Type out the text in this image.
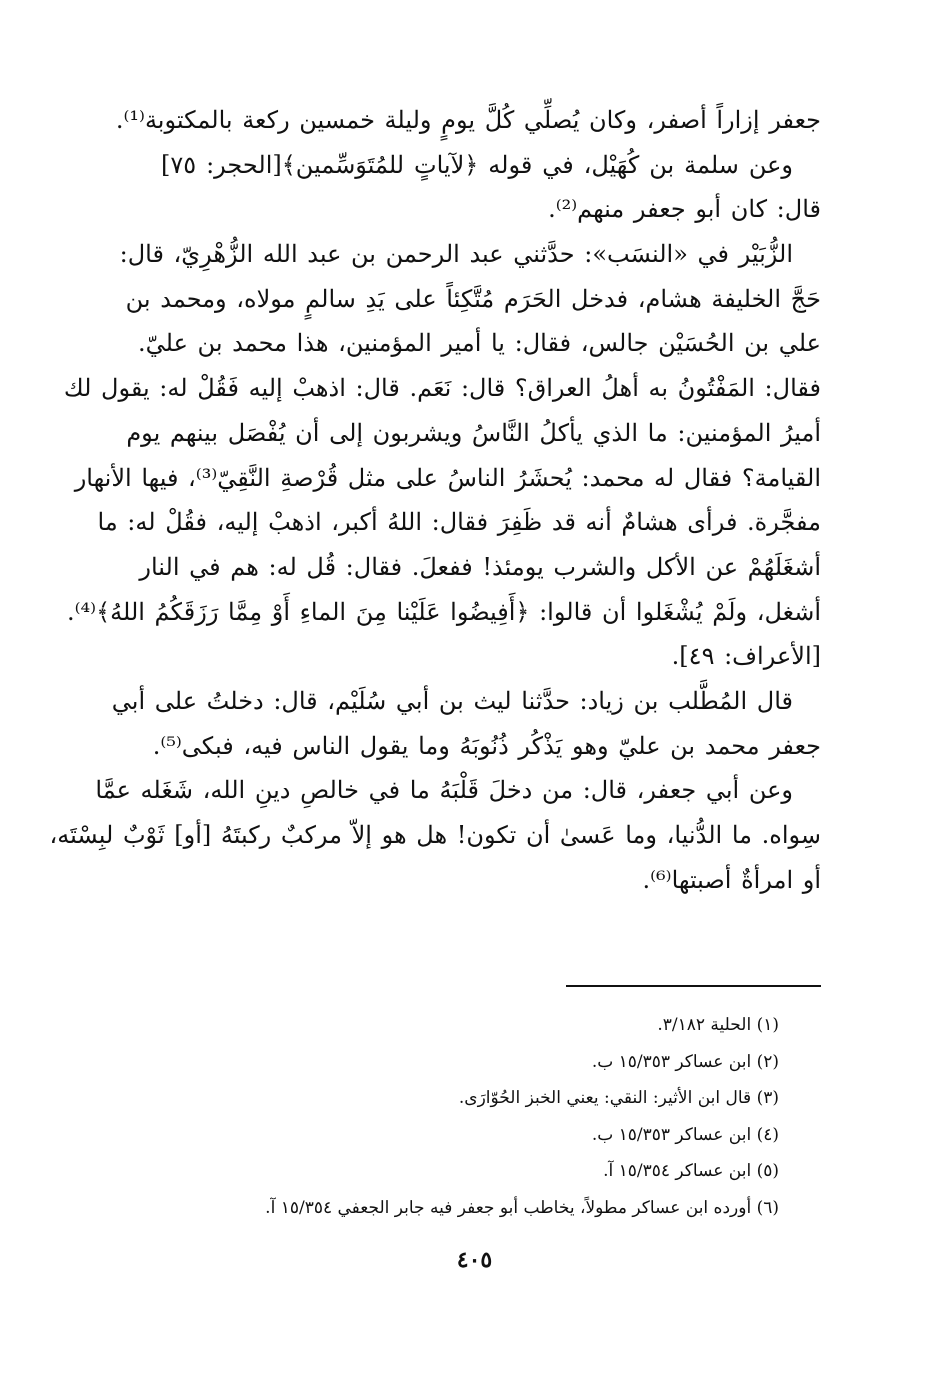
جعفر إزاراً أصفر، وكان يُصلِّي كُلَّ يومٍ وليلة خمسين ركعة بالمكتوبة⁽¹⁾.
وعن سلمة بن كُهَيْل، في قوله ﴿لآياتٍ للمُتَوَسِّمين﴾[الحجر: ٧٥]
قال: كان أبو جعفر منهم⁽²⁾.
الزُّبَيْر في «النسَب»: حدَّثني عبد الرحمن بن عبد الله الزُّهْرِيّ، قال:
حَجَّ الخليفة هشام، فدخل الحَرَم مُتَّكِئاً على يَدِ سالمٍ مولاه، ومحمد بن
علي بن الحُسَيْن جالس، فقال: يا أمير المؤمنين، هذا محمد بن عليّ.
فقال: المَفْتُونُ به أهلُ العراق؟ قال: نَعَم. قال: اذهبْ إليه فَقُلْ له: يقول لك
أميرُ المؤمنين: ما الذي يأكلُ النَّاسُ ويشربون إلى أن يُفْصَل بينهم يوم
القيامة؟ فقال له محمد: يُحشَرُ الناسُ على مثل قُرْصةِ النَّقِيّ⁽³⁾، فيها الأنهار
مفجَّرة. فرأى هشامٌ أنه قد ظَفِرَ فقال: اللهُ أكبر، اذهبْ إليه، فقُلْ له: ما
أشغَلَهُمْ عن الأكل والشرب يومئذ! ففعلَ. فقال: قُل له: هم في النار
أشغل، ولَمْ يُشْغَلوا أن قالوا: ﴿أَفِيضُوا عَلَيْنا مِنَ الماءِ أَوْ مِمَّا رَزَقَكُمُ اللهُ﴾⁽⁴⁾.
[الأعراف: ٤٩].
قال المُطَّلب بن زياد: حدَّثنا ليث بن أبي سُلَيْم، قال: دخلتُ على أبي
جعفر محمد بن عليّ وهو يَذْكُر ذُنُوبَهُ وما يقول الناس فيه، فبكى⁽⁵⁾.
وعن أبي جعفر، قال: من دخلَ قَلْبَهُ ما في خالصِ دينِ الله، شَغَله عمَّا
سِواه. ما الدُّنيا، وما عَسىٰ أن تكون! هل هو إلاّ مركبٌ ركبتَهُ [أو] ثَوْبٌ لبِسْتَه،
أو امرأةٌ أصبتها⁽⁶⁾.
(١) الحلية ٣/١٨٢.
(٢) ابن عساكر ١٥/٣٥٣ ب.
(٣) قال ابن الأثير: النقي: يعني الخبز الحُوّارَى.
(٤) ابن عساكر ١٥/٣٥٣ ب.
(٥) ابن عساكر ١٥/٣٥٤ آ.
(٦) أورده ابن عساكر مطولاً، يخاطب أبو جعفر فيه جابر الجعفي ١٥/٣٥٤ آ.
٤٠٥
